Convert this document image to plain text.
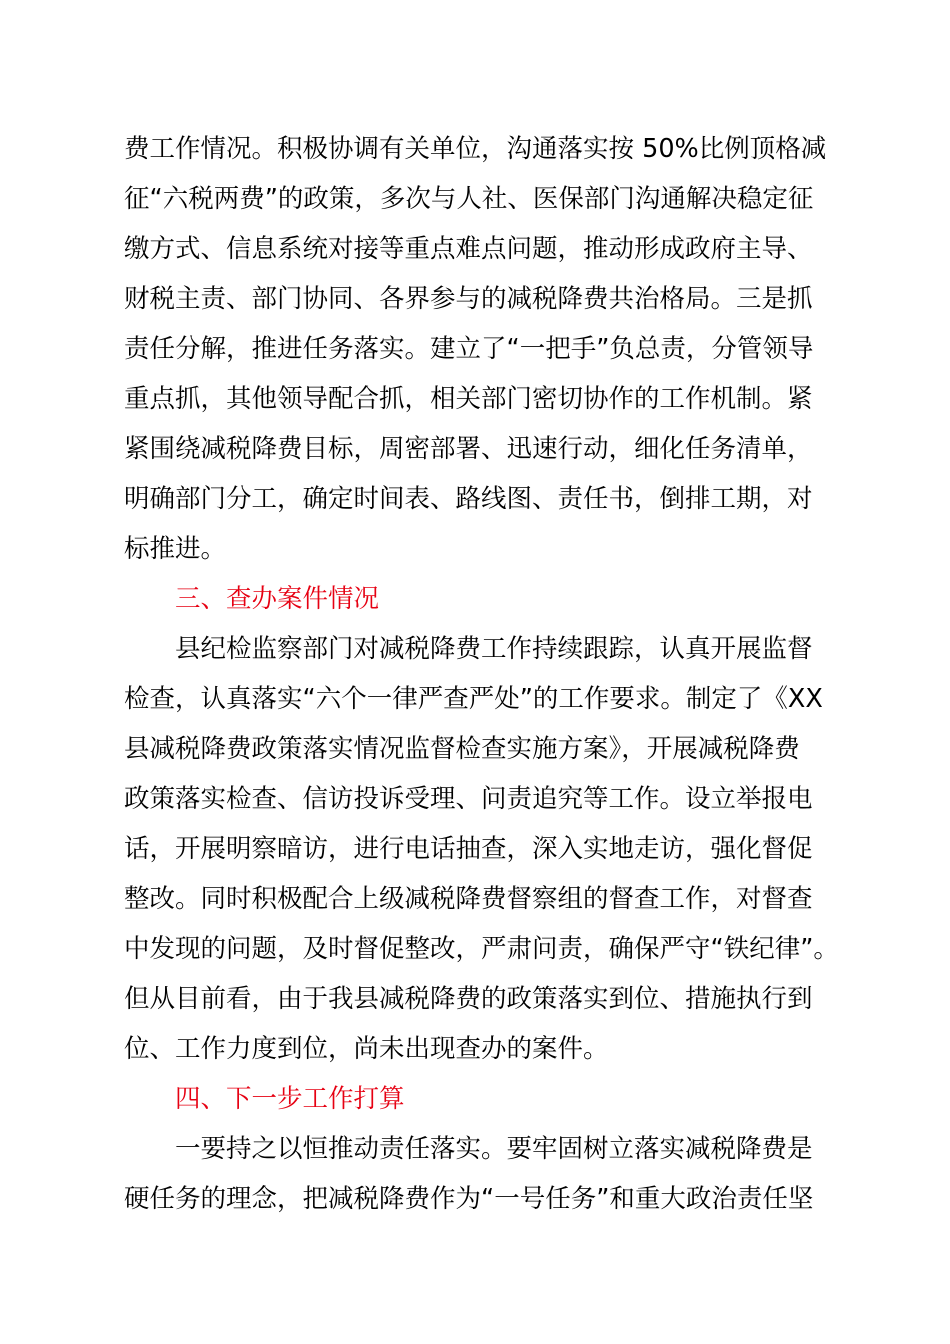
费工作情况。积极协调有关单位，沟通落实按 50%比例顶格减
征“六税两费”的政策，多次与人社、医保部门沟通解决稳定征
缴方式、信息系统对接等重点难点问题，推动形成政府主导、
财税主责、部门协同、各界参与的减税降费共治格局。三是抓
责任分解，推进任务落实。建立了“一把手”负总责，分管领导
重点抓，其他领导配合抓，相关部门密切协作的工作机制。紧
紧围绕减税降费目标，周密部署、迅速行动，细化任务清单，
明确部门分工，确定时间表、路线图、责任书，倒排工期，对
标推进。
三、查办案件情况
县纪检监察部门对减税降费工作持续跟踪，认真开展监督
检查，认真落实“六个一律严查严处”的工作要求。制定了《XX
县减税降费政策落实情况监督检查实施方案》，开展减税降费
政策落实检查、信访投诉受理、问责追究等工作。设立举报电
话，开展明察暗访，进行电话抽查，深入实地走访，强化督促
整改。同时积极配合上级减税降费督察组的督查工作，对督查
中发现的问题，及时督促整改，严肃问责，确保严守“铁纪律”。
但从目前看，由于我县减税降费的政策落实到位、措施执行到
位、工作力度到位，尚未出现查办的案件。
四、下一步工作打算
一要持之以恒推动责任落实。要牢固树立落实减税降费是
硬任务的理念，把减税降费作为“一号任务”和重大政治责任坚
